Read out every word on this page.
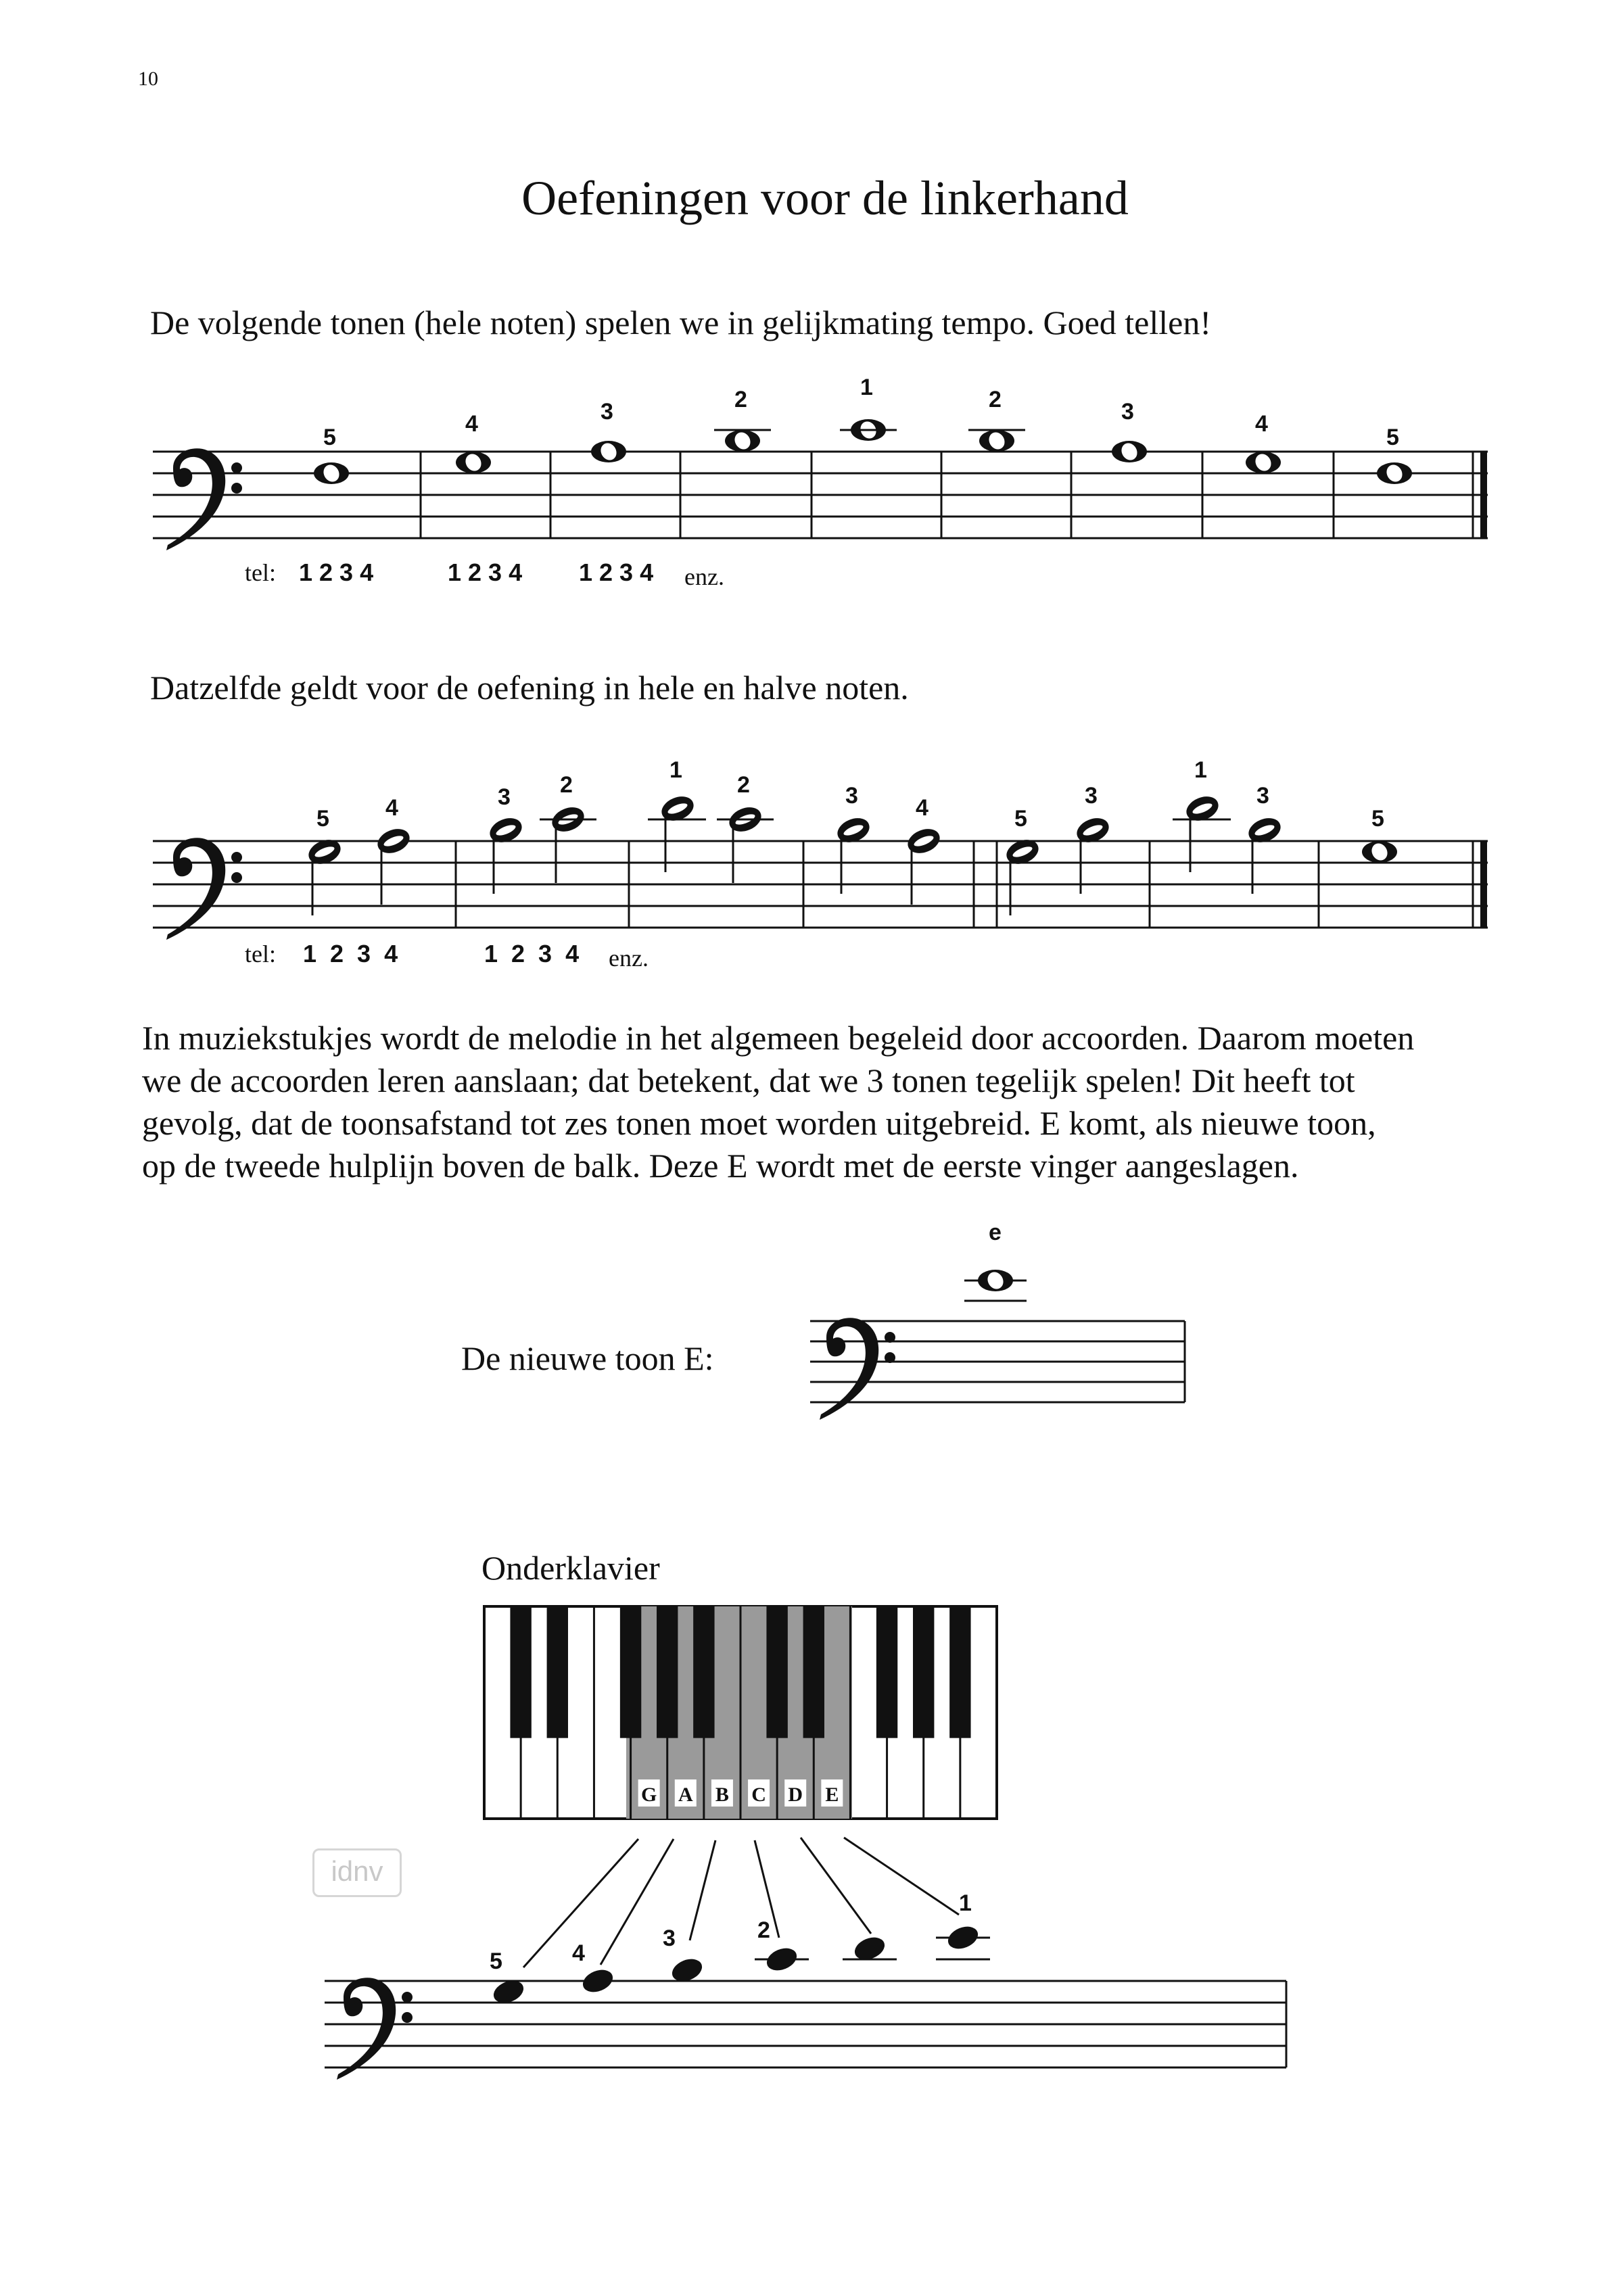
10
Oefeningen voor de linkerhand
De volgende tonen (hele noten) spelen we in gelijkmating tempo. Goed tellen!
Datzelfde geldt voor de oefening in hele en halve noten.
tel: 1 2 3 4	1 2 3 4 1 2 3 4 enz.
tel: 1  2  3  4	1  2  3  4 enz.
In muziekstukjes wordt de melodie in het algemeen begeleid door accoorden. Daarom moeten
we de accoorden leren aanslaan; dat betekent, dat we 3 tonen tegelijk spelen! Dit heeft tot
gevolg, dat de toonsafstand tot zes tonen moet worden uitgebreid. E komt, als nieuwe toon,
op de tweede hulplijn boven de balk. Deze E wordt met de eerste vinger aangeslagen.
De nieuwe toon E:
Onderklavier
idnv
5
4	3	2	1	2	3	4
5
5 4	3 2
1
2	3	4	5
3
1
3
5
e
G A B C D E
5	4
3	2
1
